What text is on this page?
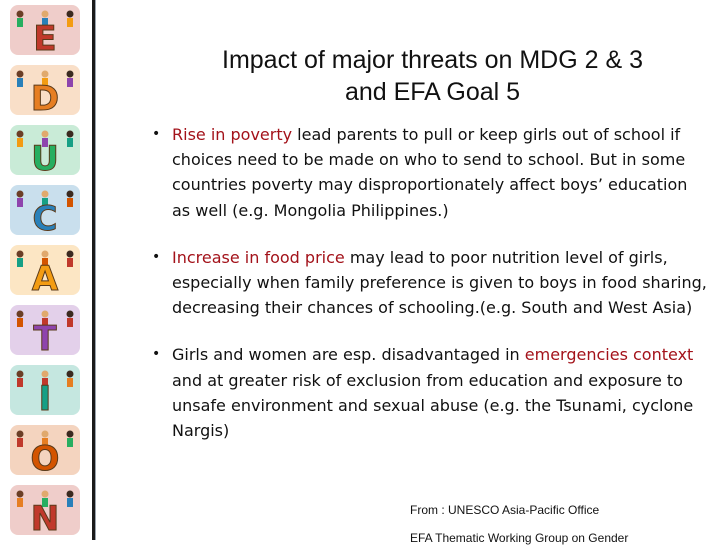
E
D
U
C
A
T
I
O
N
Impact of major threats on MDG 2 & 3
and EFA Goal 5
• Rise in poverty lead parents to pull or keep girls out of school if choices need to be made on who to send to school. But in some countries poverty may disproportionately affect boys’ education as well (e.g. Mongolia Philippines.)
• Increase in food price may lead to poor nutrition level of girls, especially when family preference is given to boys in food sharing, decreasing their chances of schooling.(e.g. South and West Asia)
• Girls and women are esp. disadvantaged in emergencies context and at greater risk of exclusion from education and exposure to unsafe environment and sexual abuse (e.g. the Tsunami, cyclone Nargis)
From : UNESCO Asia-Pacific Office
EFA Thematic Working Group on Gender
